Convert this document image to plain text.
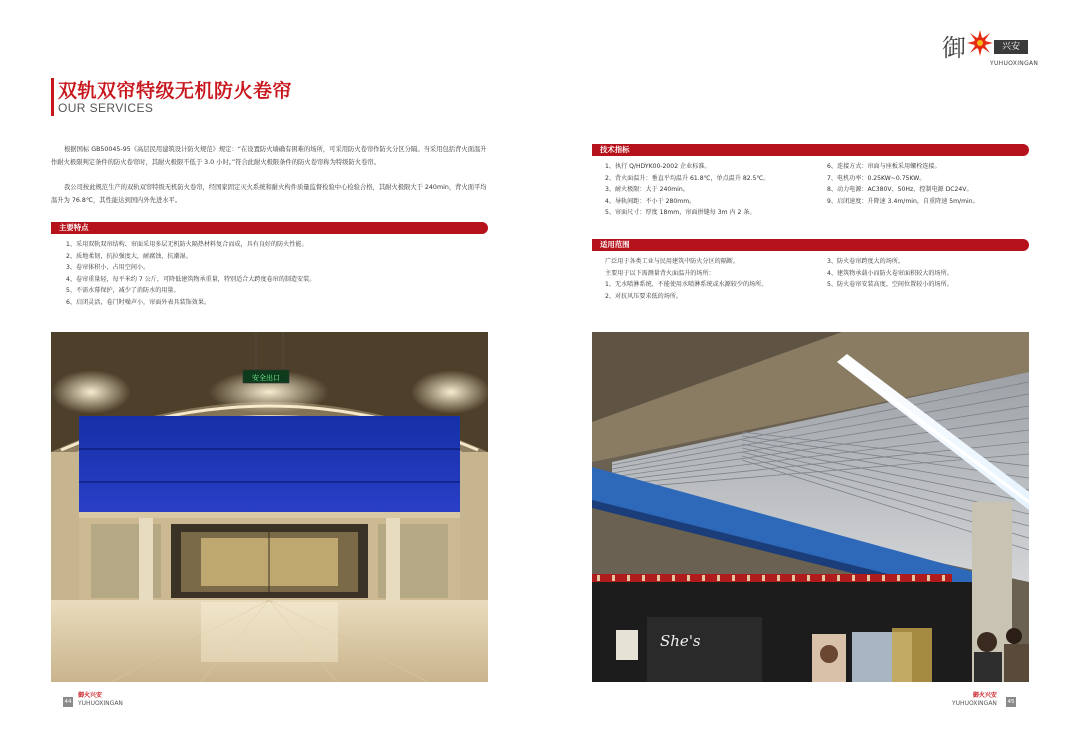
双轨双帘特级无机防火卷帘
OUR SERVICES

根据国标 GB50045-95《高层民用建筑设计防火规范》规定：“在设置防火墙确有困难的场所，可采用防火卷帘作防火分区分隔。当采用包括背火面温升作耐火极限判定条件的防火卷帘时，其耐火极限不低于 3.0 小时。”符合此耐火极限条件的防火卷帘称为特级防火卷帘。

我公司按此规范生产的双轨双帘特级无机防火卷帘，经国家固定灭火系统和耐火构件质量监督检验中心检验合格，其耐火极限大于 240min，背火面平均温升为 76.8℃，其性能达到国内外先进水平。

主要特点
1、采用双轨双帘结构、帘面采用多层无机防火隔热材料复合而成，具有良好的防火性能。
2、质地柔韧，抗拉强度大，耐腐蚀，抗潮湿。
3、卷帘体积小，占用空间小。
4、卷帘重量轻，每平米约 7 公斤，可降低建筑物承重量，特别适合大跨度卷帘的制造安装。
5、不需水幕保护，减少了消防水的用量。
6、启闭灵活，卷门时噪声小，帘面外表具装饰效果。
安全出口
44
御火兴安
YUHUOXINGAN
御	兴安
YUHUOXINGAN
技术指标
1、执行 Q/HDYK00-2002 企业标准。
2、背火面温升：垂直平均温升 61.8℃，单点温升 82.5℃。
3、耐火极限：大于 240min。
4、导轨间距：不小于 280mm。
5、帘面尺寸：厚度 18mm，帘面拼缝每 3m 内 2 条。
6、连接方式：帘面与座板采用螺栓连接。
7、电机功率：0.25KW~0.75KW。
8、动力电源：AC380V、50Hz，控制电源 DC24V。
9、启闭速度：升降速 3.4m/min，自重降速 5m/min。
适用范围
广泛用于各类工业与民用建筑中防火分区的隔断。
主要用于以下需测量背火面温升的场所：
1、无水喷淋系统、不能使用水喷淋系统或水源较少的场所。
2、对抗风压要求低的场所。
3、防火卷帘跨度大的场所。
4、建筑物承载小而防火卷帘面积较大的场所。
5、防火卷帘安装高度、空间位置较小的场所。
She's
御火兴安
YUHUOXINGAN 45
